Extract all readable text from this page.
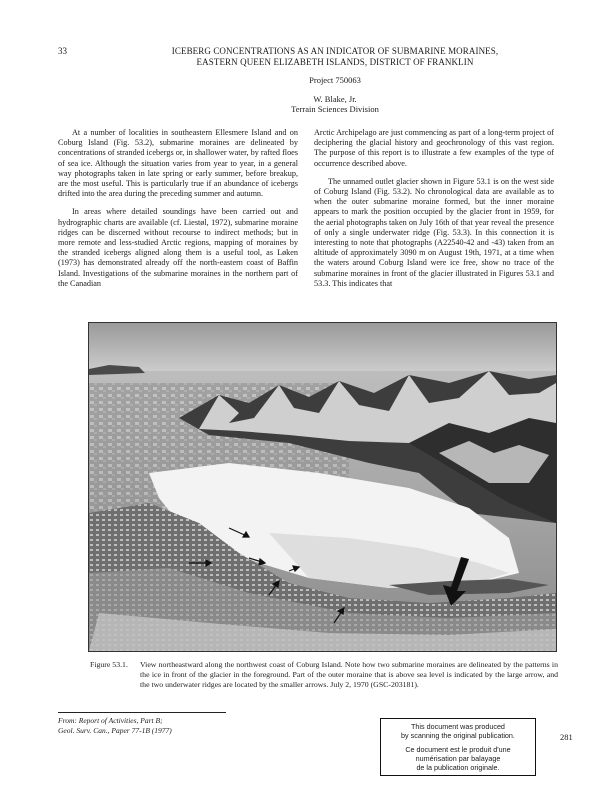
33	ICEBERG CONCENTRATIONS AS AN INDICATOR OF SUBMARINE MORAINES,
EASTERN QUEEN ELIZABETH ISLANDS, DISTRICT OF FRANKLIN
Project 750063
W. Blake, Jr.
Terrain Sciences Division

At a number of localities in southeastern Ellesmere Island and on Coburg Island (Fig. 53.2), submarine moraines are delineated by concentrations of stranded icebergs or, in shallower water, by rafted floes of sea ice. Although the situation varies from year to year, in a general way photographs taken in late spring or early summer, before breakup, are the most useful. This is particularly true if an abundance of icebergs drifted into the area during the preceding summer and autumn.

In areas where detailed soundings have been carried out and hydrographic charts are available (cf. Liestøl, 1972), submarine moraine ridges can be discerned without recourse to indirect methods; but in more remote and less-studied Arctic regions, mapping of moraines by the stranded icebergs aligned along them is a useful tool, as Løken (1973) has demonstrated already off the north-eastern coast of Baffin Island. Investigations of the submarine moraines in the northern part of the Canadian

Arctic Archipelago are just commencing as part of a long-term project of deciphering the glacial history and geochronology of this vast region. The purpose of this report is to illustrate a few examples of the type of occurrence described above.

The unnamed outlet glacier shown in Figure 53.1 is on the west side of Coburg Island (Fig. 53.2). No chronological data are available as to when the outer submarine moraine formed, but the inner moraine appears to mark the position occupied by the glacier front in 1959, for the aerial photographs taken on July 16th of that year reveal the presence of only a single underwater ridge (Fig. 53.3). In this connection it is interesting to note that photographs (A22540-42 and -43) taken from an altitude of approximately 3090 m on August 19th, 1971, at a time when the waters around Coburg Island were ice free, show no trace of the submarine moraines in front of the glacier illustrated in Figures 53.1 and 53.3. This indicates that

Figure 53.1. View northeastward along the northwest coast of Coburg Island. Note how two submarine moraines are delineated by the patterns in the ice in front of the glacier in the foreground. Part of the outer moraine that is above sea level is indicated by the large arrow, and the two underwater ridges are located by the smaller arrows. July 2, 1970 (GSC-203181).
From: Report of Activities, Part B;
Geol. Surv. Can., Paper 77-1B (1977)	This document was produced
by scanning the original publication.
Ce document est le produit d'une
numérisation par balayage
de la publication originale.
281
